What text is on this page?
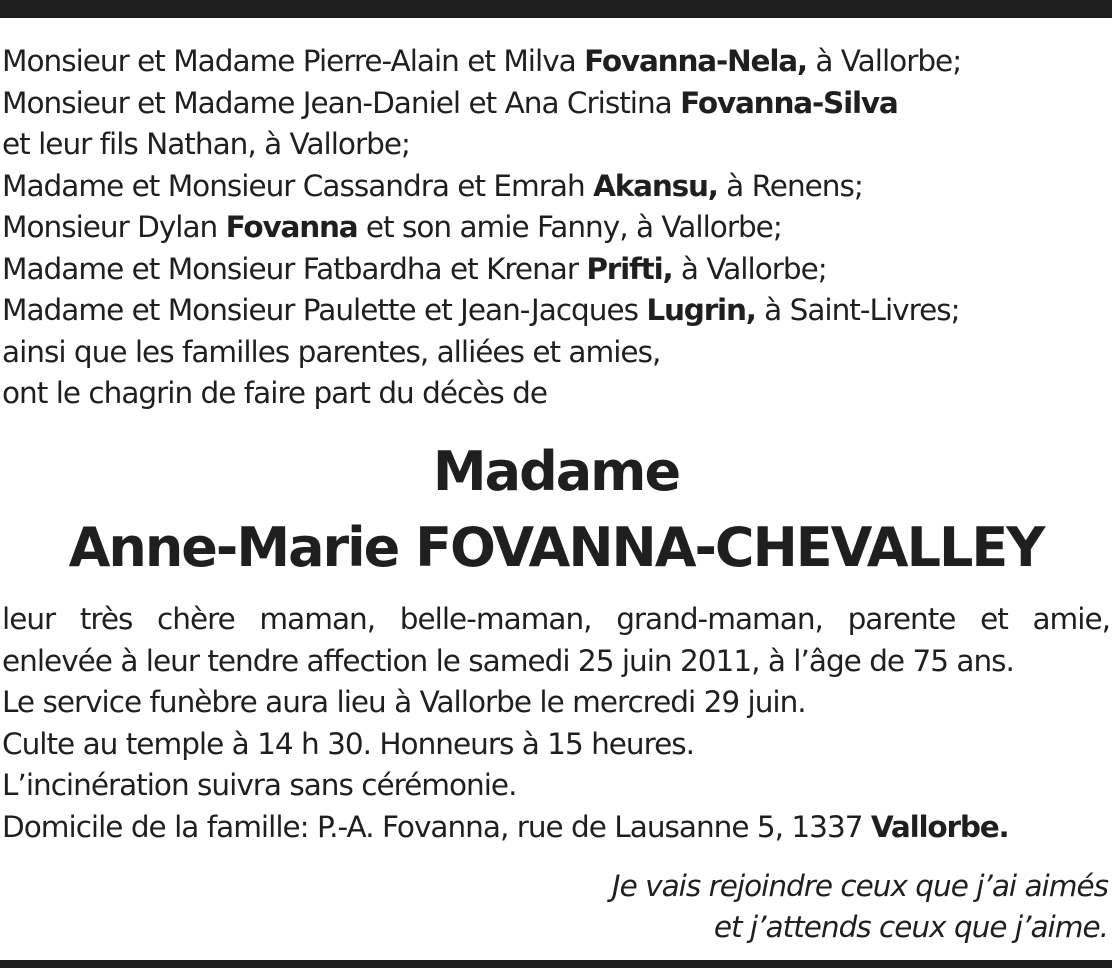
Monsieur et Madame Pierre-Alain et Milva Fovanna-Nela, à Vallorbe;
Monsieur et Madame Jean-Daniel et Ana Cristina Fovanna-Silva
et leur fils Nathan, à Vallorbe;
Madame et Monsieur Cassandra et Emrah Akansu, à Renens;
Monsieur Dylan Fovanna et son amie Fanny, à Vallorbe;
Madame et Monsieur Fatbardha et Krenar Prifti, à Vallorbe;
Madame et Monsieur Paulette et Jean-Jacques Lugrin, à Saint-Livres;
ainsi que les familles parentes, alliées et amies,
ont le chagrin de faire part du décès de
Madame
Anne-Marie FOVANNA-CHEVALLEY
leur très chère maman, belle-maman, grand-maman, parente et amie,
enlevée à leur tendre affection le samedi 25 juin 2011, à l’âge de 75 ans.
Le service funèbre aura lieu à Vallorbe le mercredi 29 juin.
Culte au temple à 14 h 30. Honneurs à 15 heures.
L’incinération suivra sans cérémonie.
Domicile de la famille: P.-A. Fovanna, rue de Lausanne 5, 1337 Vallorbe.
Je vais rejoindre ceux que j’ai aimés
et j’attends ceux que j’aime.
